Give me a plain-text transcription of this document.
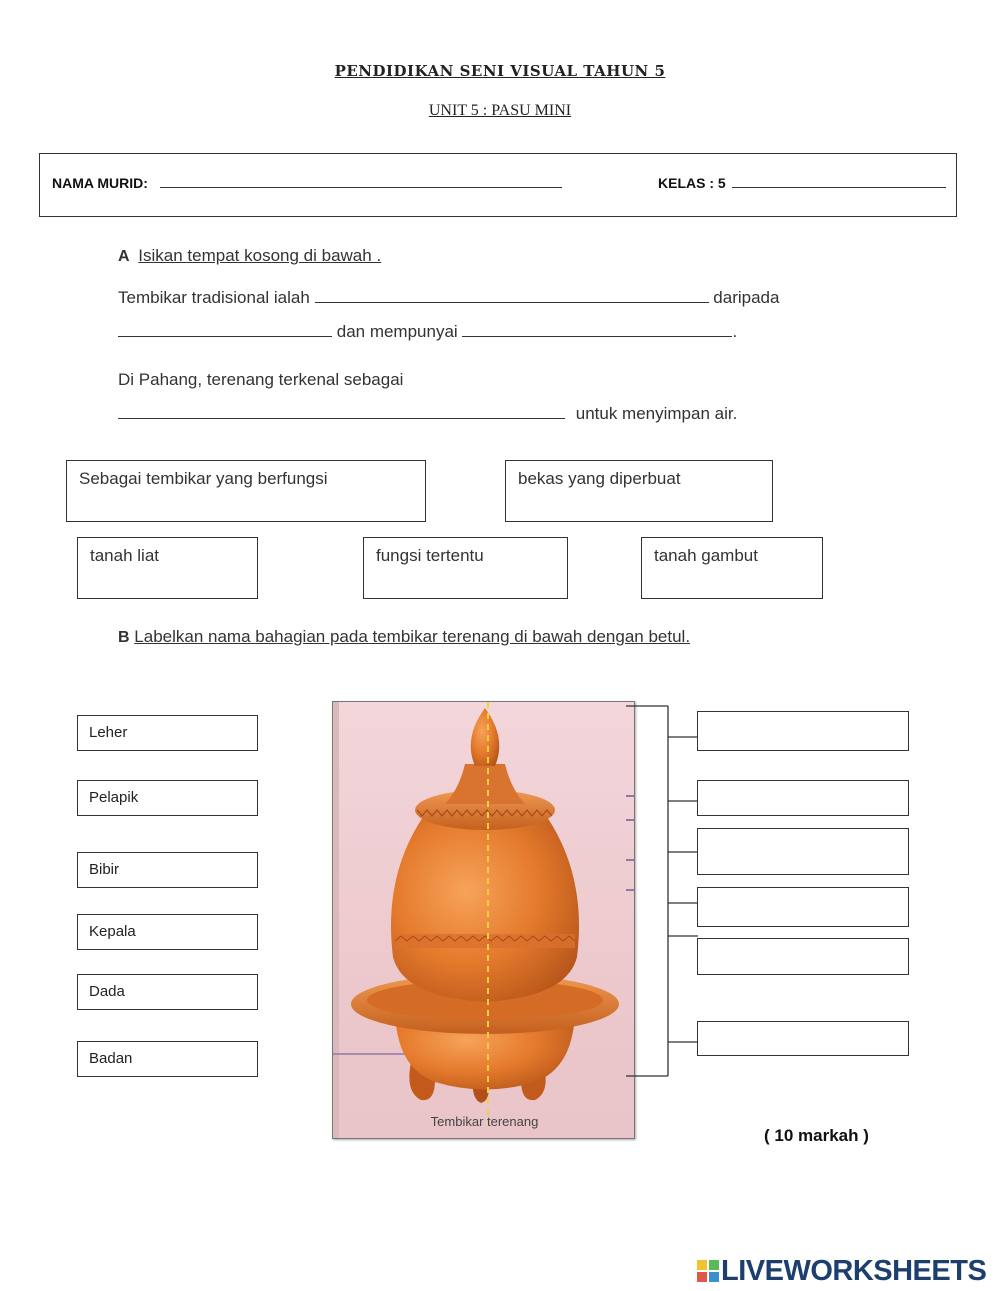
PENDIDIKAN SENI VISUAL TAHUN 5
UNIT 5 : PASU MINI
NAMA MURID:	KELAS : 5
A Isikan tempat kosong di bawah .
Tembikar tradisional ialah	daripada
dan mempunyai	.
Di Pahang, terenang terkenal sebagai
untuk menyimpan air.
Sebagai tembikar yang berfungsi	bekas yang diperbuat
tanah liat	fungsi tertentu	tanah gambut
B Labelkan nama bahagian pada tembikar terenang di bawah dengan betul.
Leher
Pelapik
Bibir
Kepala
Dada
Badan
Tembikar terenang
( 10 markah )
LIVEWORKSHEETS
